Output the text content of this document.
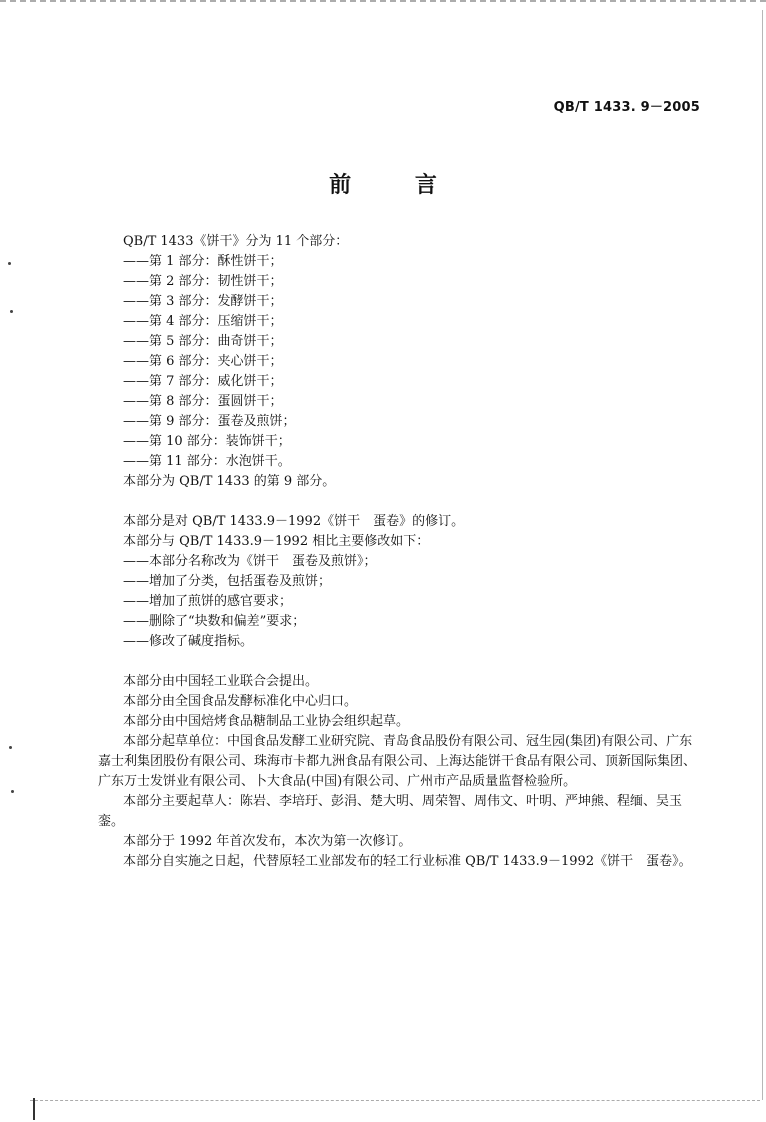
QB/T 1433. 9－2005
前 言
QB/T 1433《饼干》分为 11 个部分：
——第 1 部分：酥性饼干；
——第 2 部分：韧性饼干；
——第 3 部分：发酵饼干；
——第 4 部分：压缩饼干；
——第 5 部分：曲奇饼干；
——第 6 部分：夹心饼干；
——第 7 部分：威化饼干；
——第 8 部分：蛋圆饼干；
——第 9 部分：蛋卷及煎饼；
——第 10 部分：装饰饼干；
——第 11 部分：水泡饼干。
本部分为 QB/T 1433 的第 9 部分。
本部分是对 QB/T 1433.9－1992《饼干　蛋卷》的修订。
本部分与 QB/T 1433.9－1992 相比主要修改如下：
——本部分名称改为《饼干　蛋卷及煎饼》；
——增加了分类，包括蛋卷及煎饼；
——增加了煎饼的感官要求；
——删除了“块数和偏差”要求；
——修改了碱度指标。
本部分由中国轻工业联合会提出。
本部分由全国食品发酵标准化中心归口。
本部分由中国焙烤食品糖制品工业协会组织起草。
本部分起草单位：中国食品发酵工业研究院、青岛食品股份有限公司、冠生园(集团)有限公司、广东嘉士利集团股份有限公司、珠海市卡都九洲食品有限公司、上海达能饼干食品有限公司、顶新国际集团、广东万士发饼业有限公司、卜大食品(中国)有限公司、广州市产品质量监督检验所。
本部分主要起草人：陈岩、李培玗、彭涓、楚大明、周荣智、周伟文、叶明、严坤熊、程缅、吴玉銮。
本部分于 1992 年首次发布，本次为第一次修订。
本部分自实施之日起，代替原轻工业部发布的轻工行业标准 QB/T 1433.9－1992《饼干　蛋卷》。
